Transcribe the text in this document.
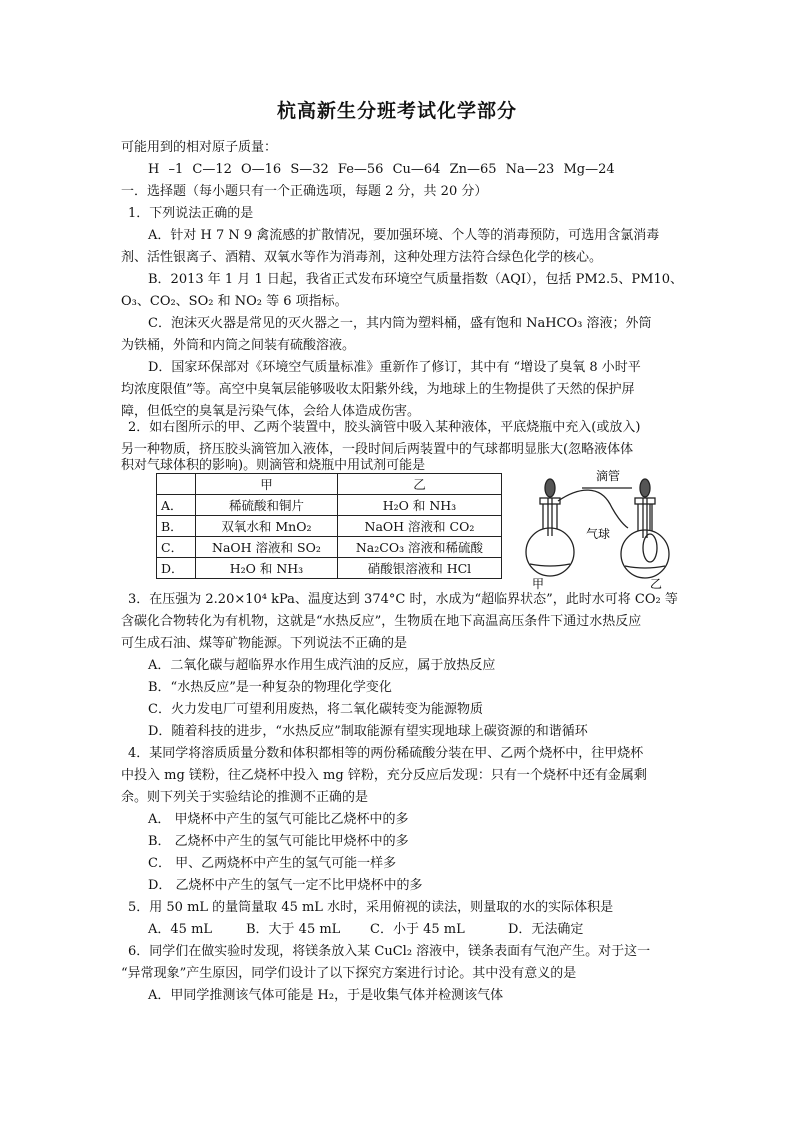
杭高新生分班考试化学部分
可能用到的相对原子质量：
H –1 C—12 O—16 S—32 Fe—56 Cu—64 Zn—65 Na—23 Mg—24
一．选择题（每小题只有一个正确选项，每题 2 分，共 20 分）
1．下列说法正确的是
A．针对 H 7 N 9 禽流感的扩散情况，要加强环境、个人等的消毒预防，可选用含氯消毒
剂、活性银离子、酒精、双氧水等作为消毒剂，这种处理方法符合绿色化学的核心。
B．2013 年 1 月 1 日起，我省正式发布环境空气质量指数（AQI），包括 PM2.5、PM10、
O₃、CO₂、SO₂ 和 NO₂ 等 6 项指标。
C．泡沫灭火器是常见的灭火器之一，其内筒为塑料桶，盛有饱和 NaHCO₃ 溶液；外筒
为铁桶，外筒和内筒之间装有硫酸溶液。
D．国家环保部对《环境空气质量标准》重新作了修订，其中有 “增设了臭氧 8 小时平
均浓度限值”等。高空中臭氧层能够吸收太阳紫外线，为地球上的生物提供了天然的保护屏
障，但低空的臭氧是污染气体，会给人体造成伤害。
2．如右图所示的甲、乙两个装置中，胶头滴管中吸入某种液体，平底烧瓶中充入(或放入)
另一种物质，挤压胶头滴管加入液体，一段时间后两装置中的气球都明显胀大(忽略液体体
积对气球体积的影响)。则滴管和烧瓶中用试剂可能是
	甲	乙
A．	稀硫酸和铜片	H₂O 和 NH₃
B．	双氧水和 MnO₂	NaOH 溶液和 CO₂
C．	NaOH 溶液和 SO₂	Na₂CO₃ 溶液和稀硫酸
D．	H₂O 和 NH₃	硝酸银溶液和 HCl
滴管
气球
甲	乙
3．在压强为 2.20×10⁴ kPa、温度达到 374°C 时，水成为“超临界状态”，此时水可将 CO₂ 等
含碳化合物转化为有机物，这就是“水热反应”，生物质在地下高温高压条件下通过水热反应
可生成石油、煤等矿物能源。下列说法不正确的是
A．二氧化碳与超临界水作用生成汽油的反应，属于放热反应
B．“水热反应”是一种复杂的物理化学变化
C．火力发电厂可望利用废热，将二氧化碳转变为能源物质
D．随着科技的进步，“水热反应”制取能源有望实现地球上碳资源的和谐循环
4．某同学将溶质质量分数和体积都相等的两份稀硫酸分装在甲、乙两个烧杯中，往甲烧杯
中投入 mg 镁粉，往乙烧杯中投入 mg 锌粉，充分反应后发现：只有一个烧杯中还有金属剩
余。则下列关于实验结论的推测不正确的是
A． 甲烧杯中产生的氢气可能比乙烧杯中的多
B． 乙烧杯中产生的氢气可能比甲烧杯中的多
C． 甲、乙两烧杯中产生的氢气可能一样多
D． 乙烧杯中产生的氢气一定不比甲烧杯中的多
5．用 50 mL 的量筒量取 45 mL 水时，采用俯视的读法，则量取的水的实际体积是
A．45 mL	B．大于 45 mL C．小于 45 mL	D．无法确定
6．同学们在做实验时发现，将镁条放入某 CuCl₂ 溶液中，镁条表面有气泡产生。对于这一
“异常现象”产生原因，同学们设计了以下探究方案进行讨论。其中没有意义的是
A．甲同学推测该气体可能是 H₂，于是收集气体并检测该气体
